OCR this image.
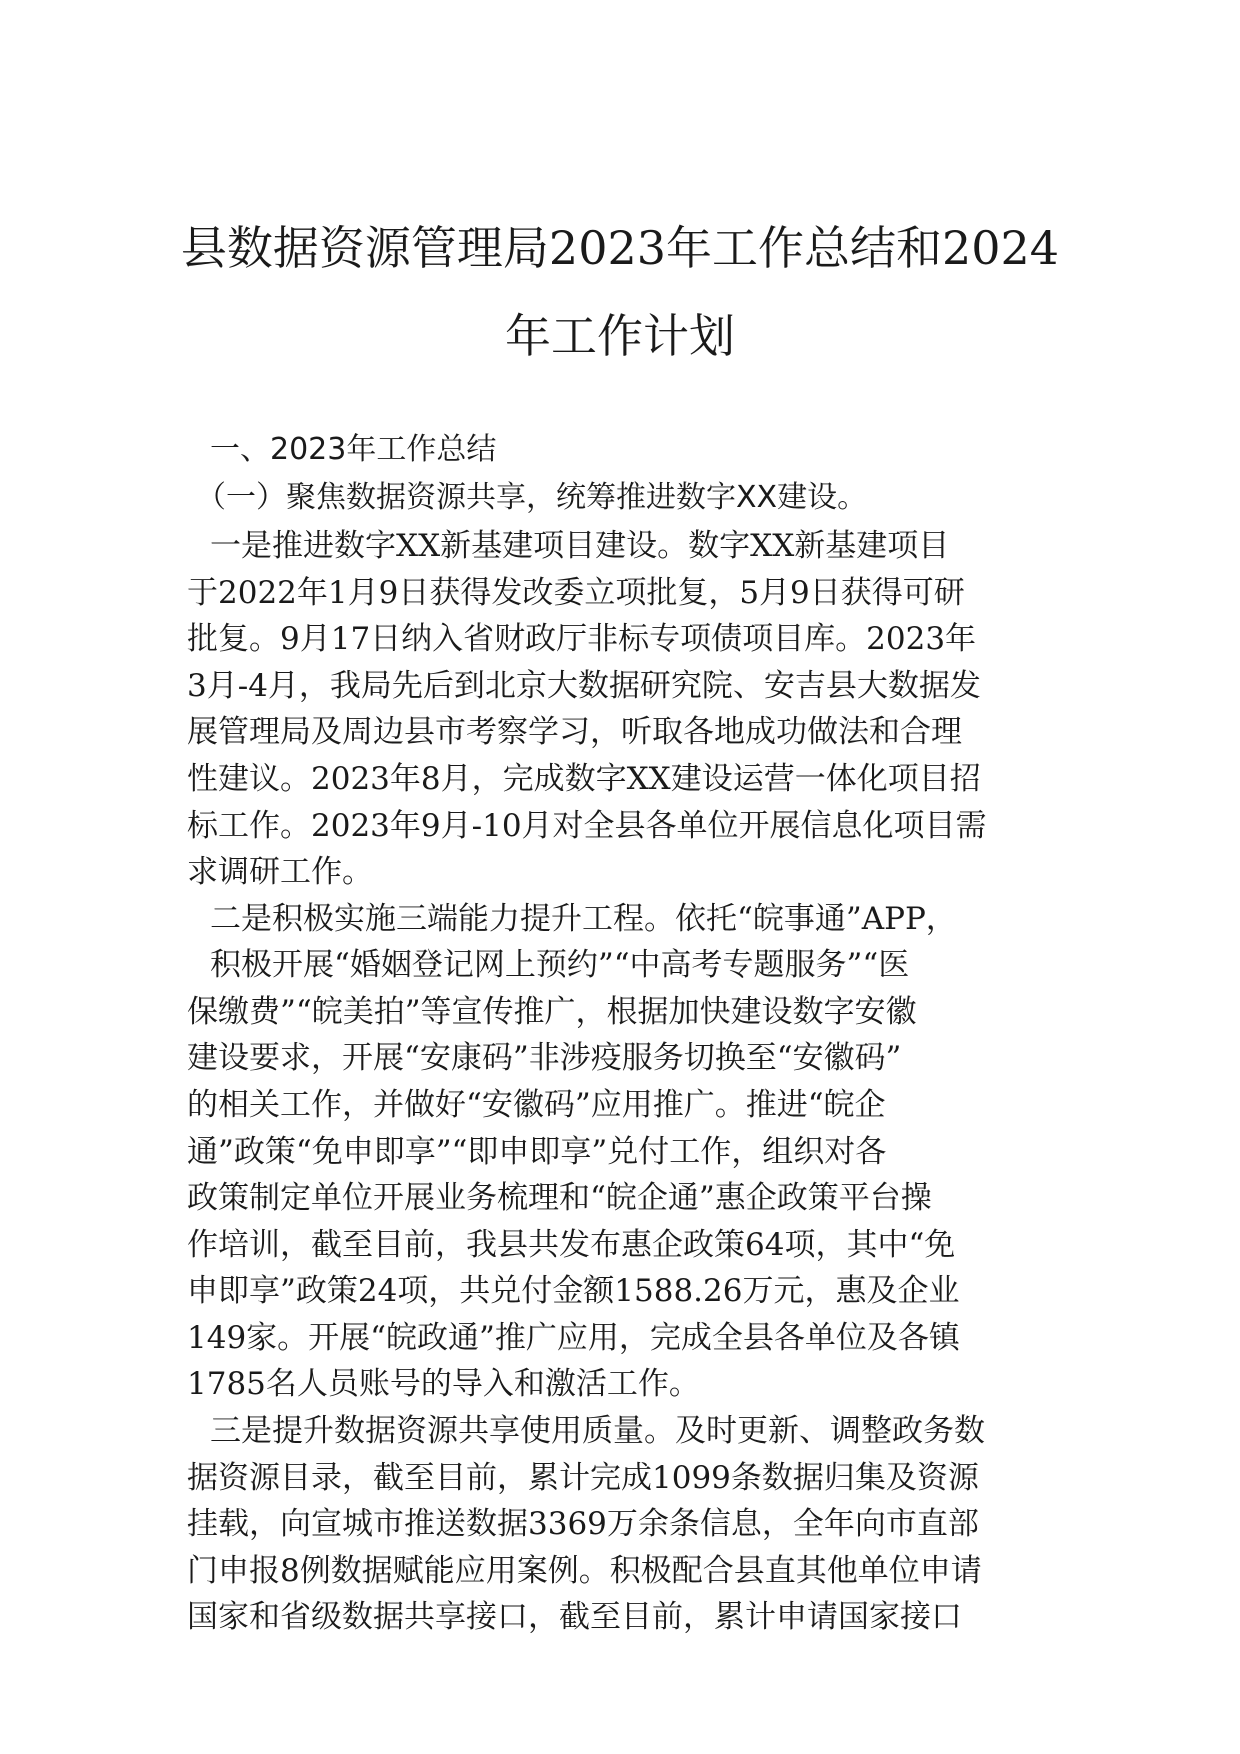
县数据资源管理局2023年工作总结和2024
年工作计划
一、2023年工作总结
（一）聚焦数据资源共享，统筹推进数字XX建设。

一是推进数字XX新基建项目建设。数字XX新基建项目

于2022年1月9日获得发改委立项批复，5月9日获得可研

批复。9月17日纳入省财政厅非标专项债项目库。2023年

3月-4月，我局先后到北京大数据研究院、安吉县大数据发

展管理局及周边县市考察学习，听取各地成功做法和合理

性建议。2023年8月，完成数字XX建设运营一体化项目招

标工作。2023年9月-10月对全县各单位开展信息化项目需

求调研工作。

二是积极实施三端能力提升工程。依托“皖事通”APP，

积极开展“婚姻登记网上预约”“中高考专题服务”“医

保缴费”“皖美拍”等宣传推广，根据加快建设数字安徽

建设要求，开展“安康码”非涉疫服务切换至“安徽码”

的相关工作，并做好“安徽码”应用推广。推进“皖企

通”政策“免申即享”“即申即享”兑付工作，组织对各

政策制定单位开展业务梳理和“皖企通”惠企政策平台操

作培训，截至目前，我县共发布惠企政策64项，其中“免

申即享”政策24项，共兑付金额1588.26万元，惠及企业

149家。开展“皖政通”推广应用，完成全县各单位及各镇

1785名人员账号的导入和激活工作。

三是提升数据资源共享使用质量。及时更新、调整政务数

据资源目录，截至目前，累计完成1099条数据归集及资源

挂载，向宣城市推送数据3369万余条信息，全年向市直部

门申报8例数据赋能应用案例。积极配合县直其他单位申请

国家和省级数据共享接口，截至目前，累计申请国家接口
